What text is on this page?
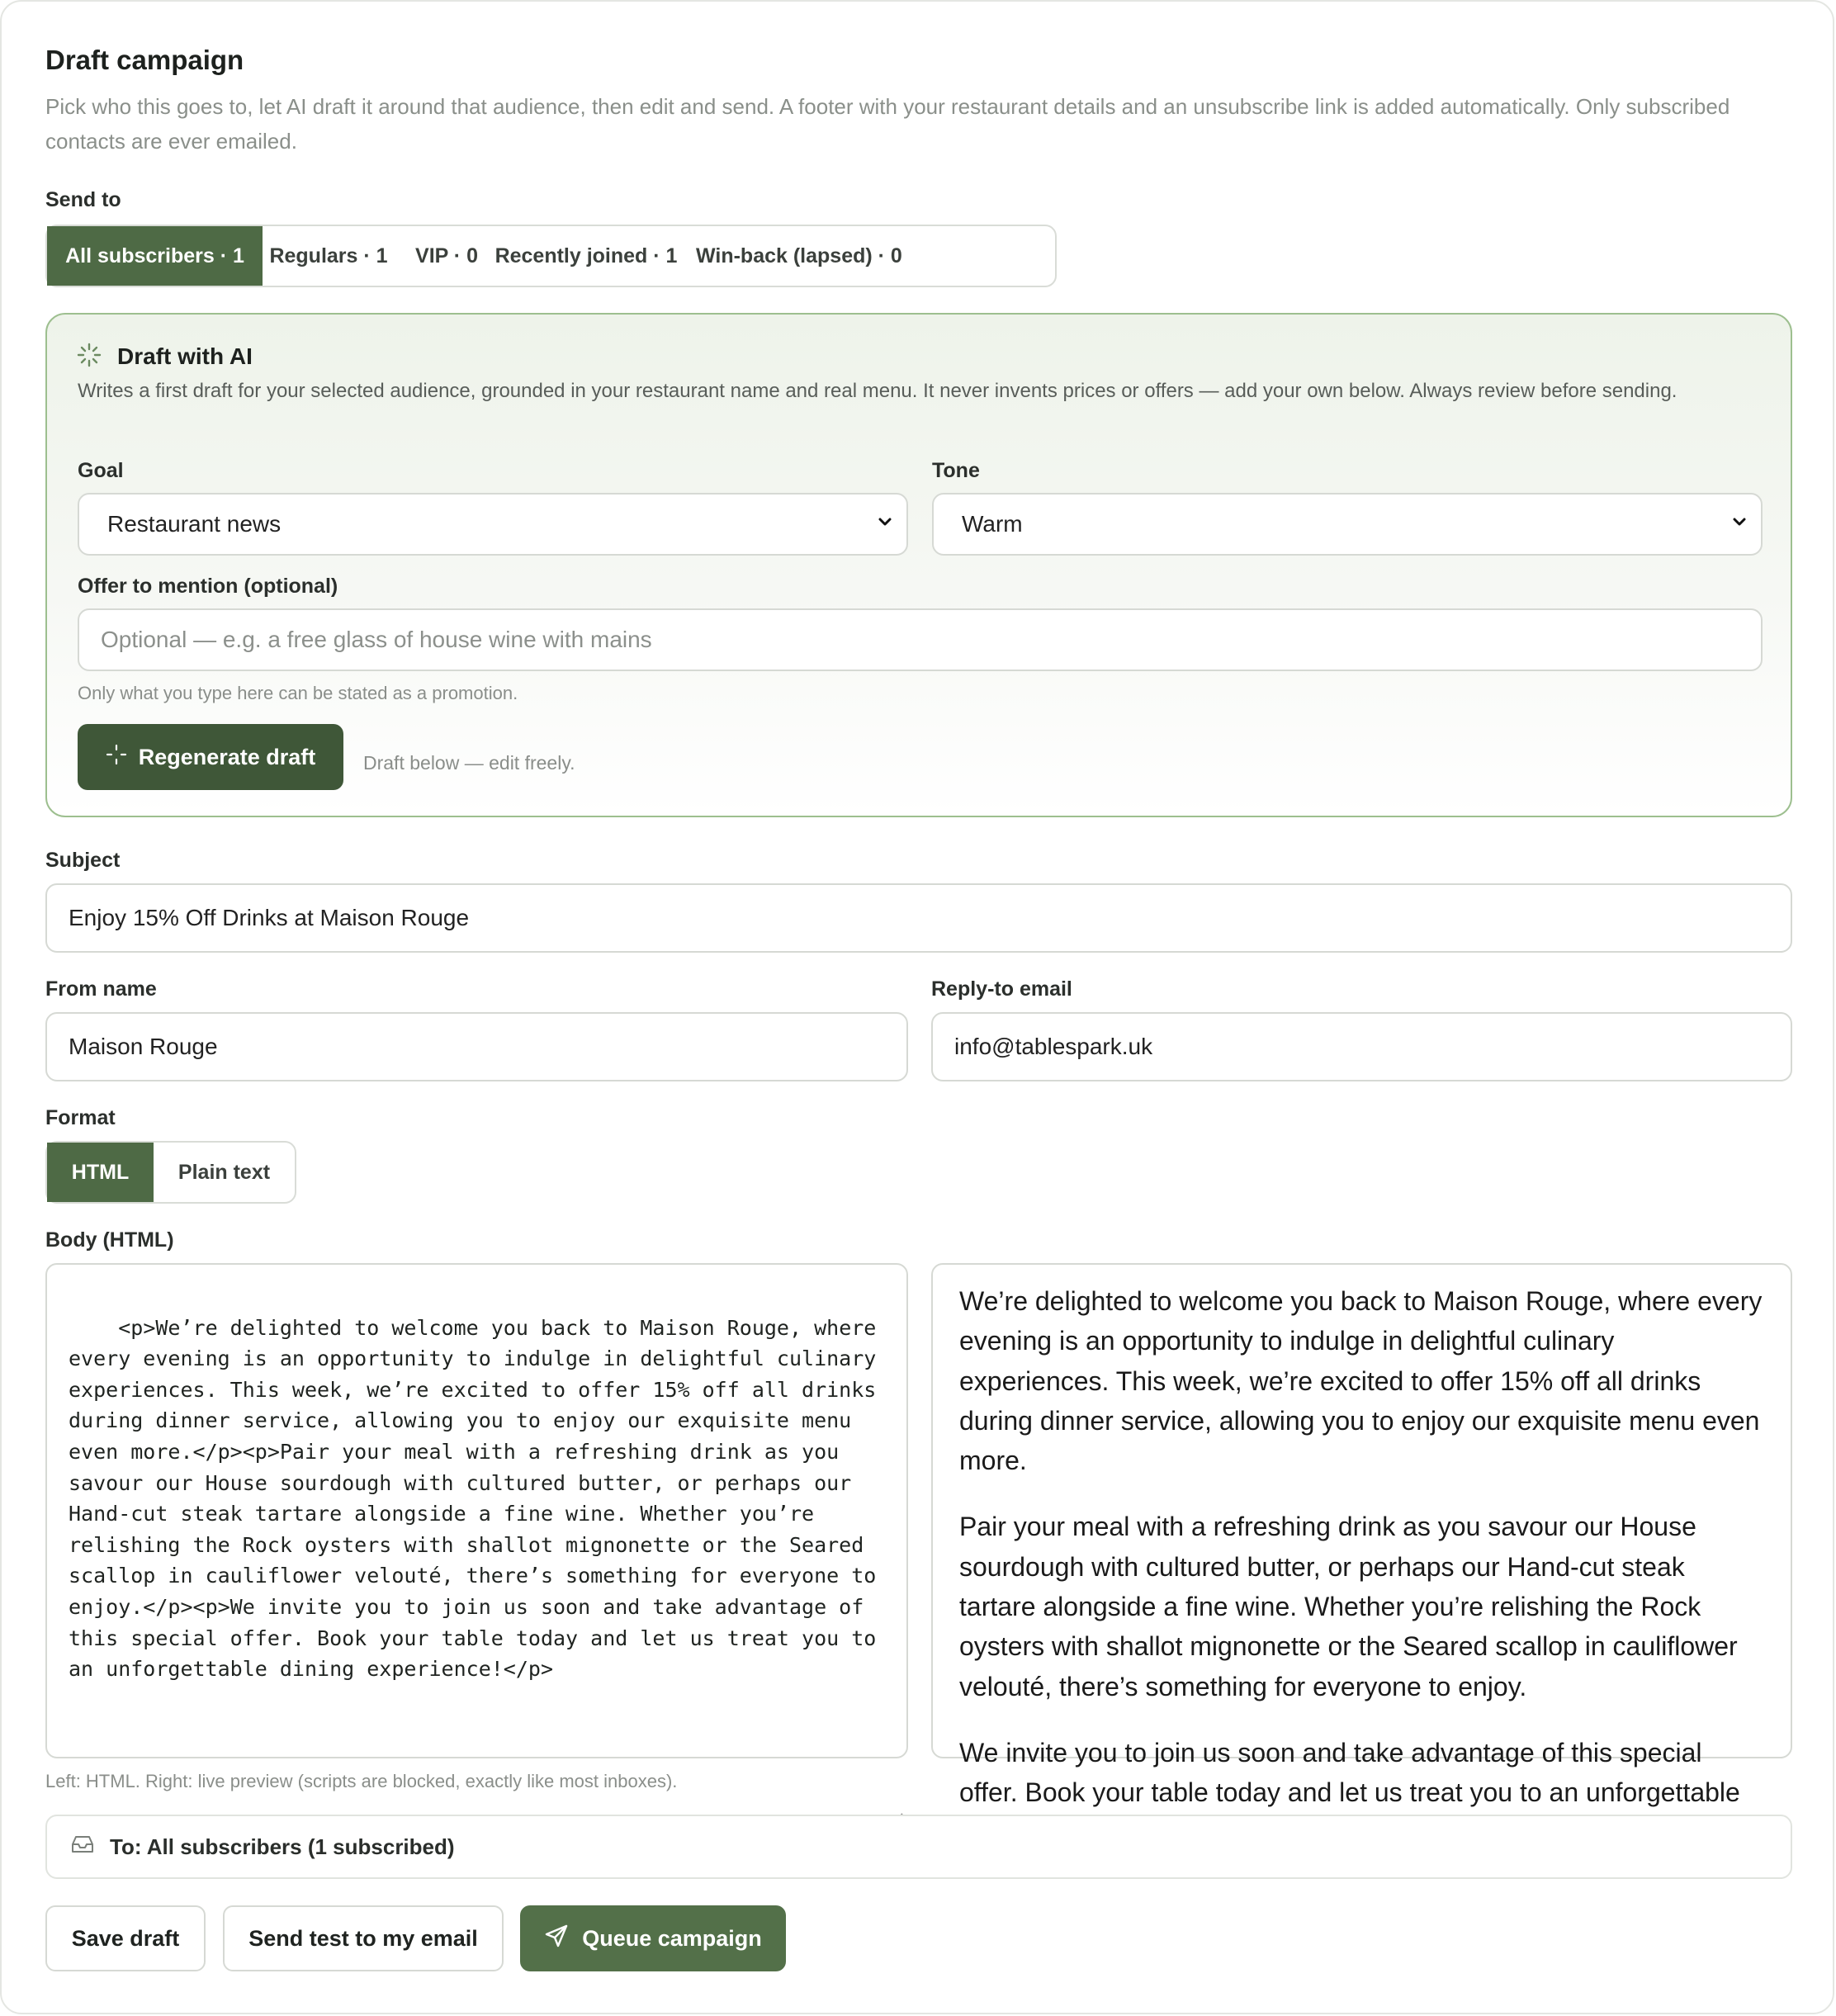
Draft campaign
Pick who this goes to, let AI draft it around that audience, then edit and send. A footer with your restaurant details and an unsubscribe link is added automatically. Only subscribed contacts are ever emailed.
Send to
All subscribers · 1	Regulars · 1	VIP · 0 Recently joined · 1 Win-back (lapsed) · 0
Draft with AI
Writes a first draft for your selected audience, grounded in your restaurant name and real menu. It never invents prices or offers — add your own below. Always review before sending.
Goal
Restaurant news
Tone
Warm
Offer to mention (optional)
Optional — e.g. a free glass of house wine with mains
Only what you type here can be stated as a promotion.
Regenerate draft	Draft below — edit freely.
Subject
Enjoy 15% Off Drinks at Maison Rouge
From name
Maison Rouge
Reply-to email
info@tablespark.uk
Format
HTML	Plain text
Body (HTML)

<p>We’re delighted to welcome you back to Maison Rouge, where every evening is an opportunity to indulge in delightful culinary experiences. This week, we’re excited to offer 15% off all drinks during dinner service, allowing you to enjoy our exquisite menu even more.</p><p>Pair your meal with a refreshing drink as you savour our House sourdough with cultured butter, or perhaps our Hand-cut steak tartare alongside a fine wine. Whether you’re relishing the Rock oysters with shallot mignonette or the Seared scallop in cauliflower velouté, there’s something for everyone to enjoy.</p><p>We invite you to join us soon and take advantage of this special offer. Book your table today and let us treat you to an unforgettable dining experience!</p>

We’re delighted to welcome you back to Maison Rouge, where every evening is an opportunity to indulge in delightful culinary experiences. This week, we’re excited to offer 15% off all drinks during dinner service, allowing you to enjoy our exquisite menu even more.

Pair your meal with a refreshing drink as you savour our House sourdough with cultured butter, or perhaps our Hand-cut steak tartare alongside a fine wine. Whether you’re relishing the Rock oysters with shallot mignonette or the Seared scallop in cauliflower velouté, there’s something for everyone to enjoy.

We invite you to join us soon and take advantage of this special offer. Book your table today and let us treat you to an unforgettable

Left: HTML. Right: live preview (scripts are blocked, exactly like most inboxes).
To: All subscribers (1 subscribed)
Save draft	Send test to my email	Queue campaign
